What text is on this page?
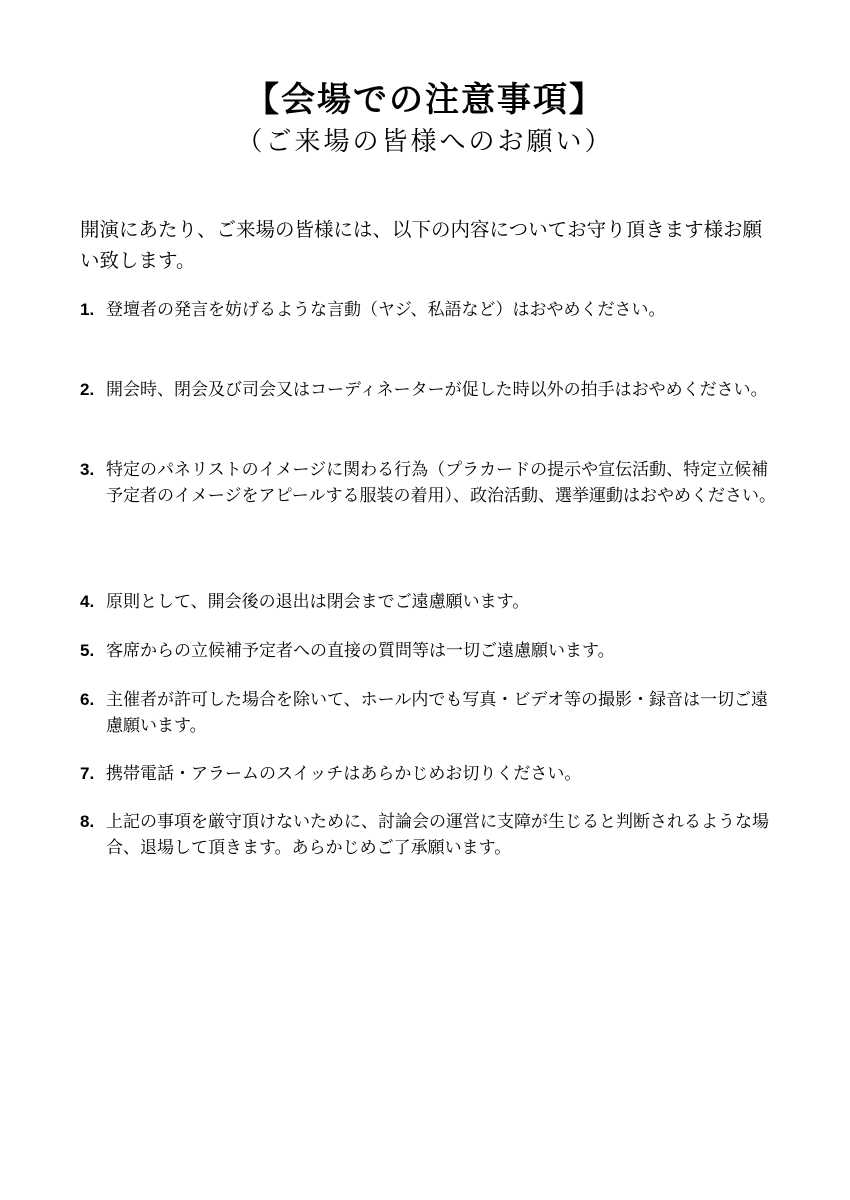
【会場での注意事項】
（ご来場の皆様へのお願い）
開演にあたり、ご来場の皆様には、以下の内容についてお守り頂きます様お願い致します。
1. 登壇者の発言を妨げるような言動（ヤジ、私語など）はおやめください。
2. 開会時、閉会及び司会又はコーディネーターが促した時以外の拍手はおやめください。
3. 特定のパネリストのイメージに関わる行為（プラカードの提示や宣伝活動、特定立候補予定者のイメージをアピールする服装の着用）、政治活動、選挙運動はおやめください。
4. 原則として、開会後の退出は閉会までご遠慮願います。
5. 客席からの立候補予定者への直接の質問等は一切ご遠慮願います。
6. 主催者が許可した場合を除いて、ホール内でも写真・ビデオ等の撮影・録音は一切ご遠慮願います。
7. 携帯電話・アラームのスイッチはあらかじめお切りください。
8. 上記の事項を厳守頂けないために、討論会の運営に支障が生じると判断されるような場合、退場して頂きます。あらかじめご了承願います。
